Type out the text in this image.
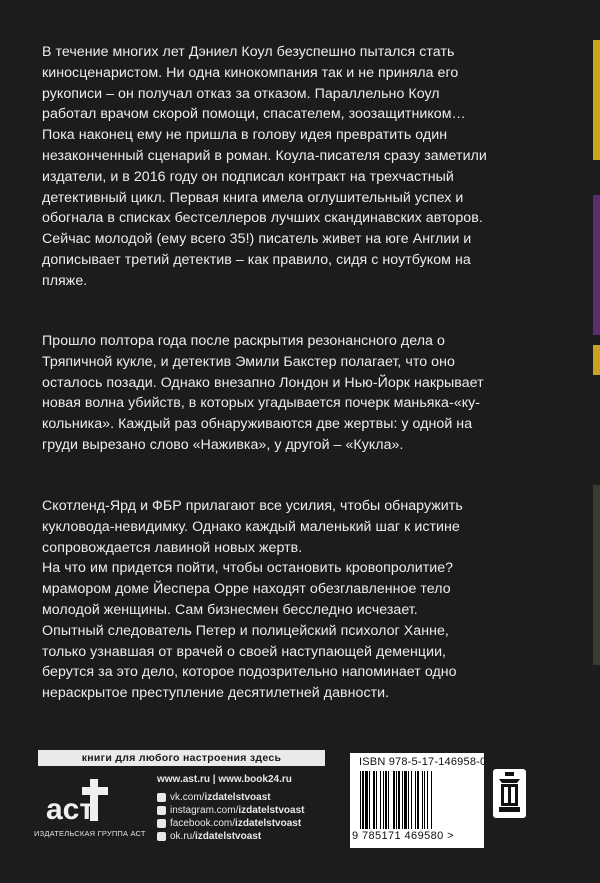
В течение многих лет Дэниел Коул безуспешно пытался стать
киносценаристом. Ни одна кинокомпания так и не приняла его
рукописи – он получал отказ за отказом. Параллельно Коул
работал врачом скорой помощи, спасателем, зоозащитником…
Пока наконец ему не пришла в голову идея превратить один
незаконченный сценарий в роман. Коула-писателя сразу заметили
издатели, и в 2016 году он подписал контракт на трехчастный
детективный цикл. Первая книга имела оглушительный успех и
обогнала в списках бестселлеров лучших скандинавских авторов.
Сейчас молодой (ему всего 35!) писатель живет на юге Англии и
дописывает третий детектив – как правило, сидя с ноутбуком на
пляже.
Прошло полтора года после раскрытия резонансного дела о
Тряпичной кукле, и детектив Эмили Бакстер полагает, что оно
осталось позади. Однако внезапно Лондон и Нью-Йорк накрывает
новая волна убийств, в которых угадывается почерк маньяка-«ку-
кольника». Каждый раз обнаруживаются две жертвы: у одной на
груди вырезано слово «Наживка», у другой – «Кукла».
Скотленд-Ярд и ФБР прилагают все усилия, чтобы обнаружить
кукловода-невидимку. Однако каждый маленький шаг к истине
сопровождается лавиной новых жертв.
На что им придется пойти, чтобы остановить кровопролитие?
мрамором доме Йеспера Орре находят обезглавленное тело
молодой женщины. Сам бизнесмен бесследно исчезает.
Опытный следователь Петер и полицейский психолог Ханне,
только узнавшая от врачей о своей наступающей деменции,
берутся за это дело, которое подозрительно напоминает одно
нераскрытое преступление десятилетней давности.
книги для любого настроения здесь
аст
ИЗДАТЕЛЬСКАЯ ГРУППА АСТ
www.ast.ru | www.book24.ru
vk.com/ izdatelstvoast
instagram.com/ izdatelstvoast
facebook.com/ izdatelstvoast
ok.ru/ izdatelstvoast
ISBN 978-5-17-146958-0
9 785171 469580 >
